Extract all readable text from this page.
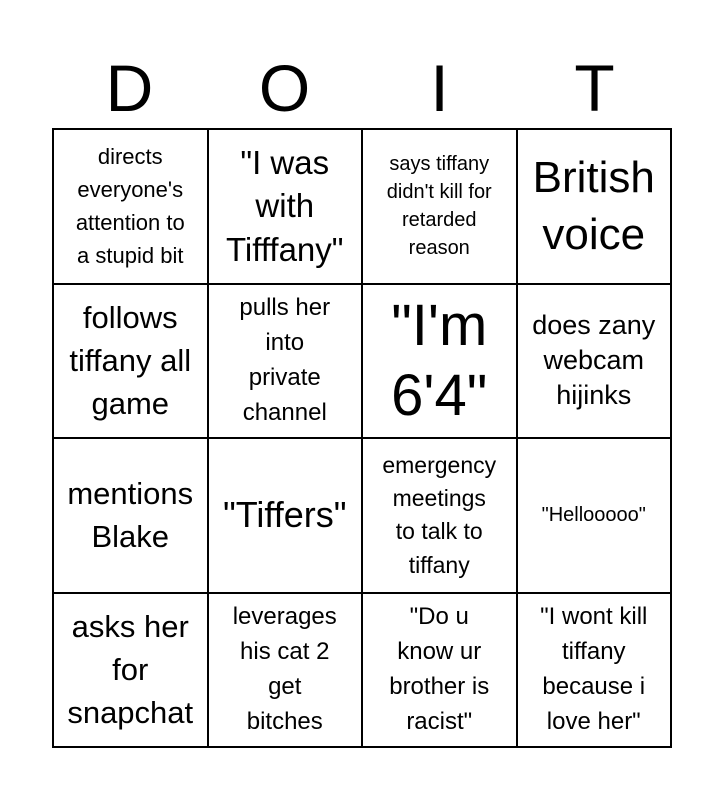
D	O	I	T
directs
everyone's
attention to
a stupid bit
"I was
with
Tifffany"
says tiffany
didn't kill for
retarded
reason
British
voice
follows
tiffany all
game
pulls her
into
private
channel
"I'm
6'4"
does zany
webcam
hijinks
mentions
Blake
"Tiffers"
emergency
meetings
to talk to
tiffany
"Hellooooo"
asks her
for
snapchat
leverages
his cat 2
get
bitches
"Do u
know ur
brother is
racist"
"I wont kill
tiffany
because i
love her"
